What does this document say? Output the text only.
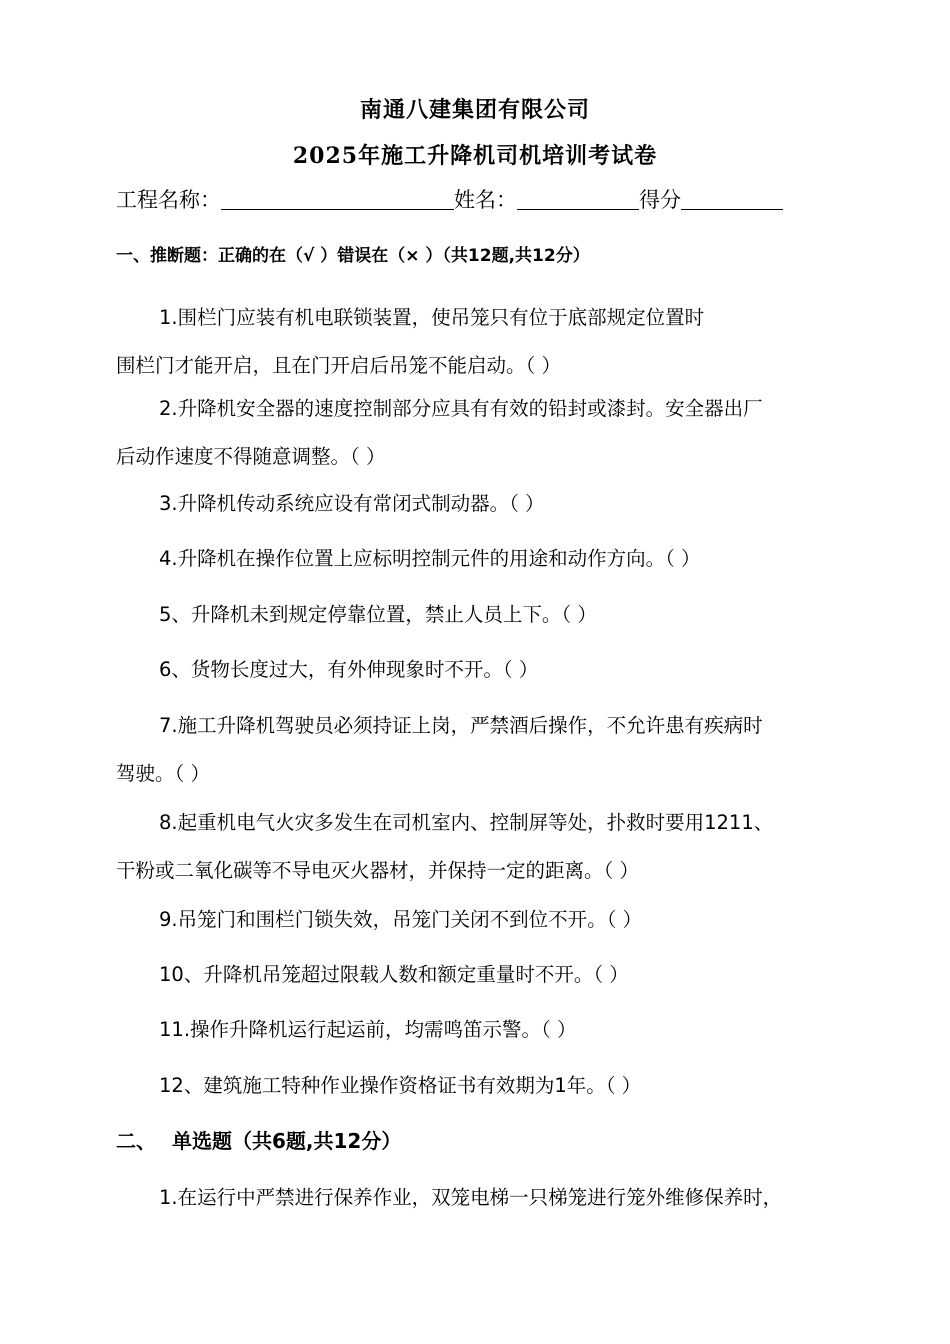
南通八建集团有限公司
2025年施工升降机司机培训考试卷
工程名称：	姓名：	得分
一、推断题：正确的在（√ ）错误在（× ）（共12题,共12分）
1.围栏门应装有机电联锁装置，使吊笼只有位于底部规定位置时
围栏门才能开启，且在门开启后吊笼不能启动。（ ）
2.升降机安全器的速度控制部分应具有有效的铅封或漆封。安全器出厂
后动作速度不得随意调整。（ ）
3.升降机传动系统应设有常闭式制动器。（ ）
4.升降机在操作位置上应标明控制元件的用途和动作方向。（ ）
5、升降机未到规定停靠位置，禁止人员上下。（ ）
6、货物长度过大，有外伸现象时不开。（ ）
7.施工升降机驾驶员必须持证上岗，严禁酒后操作，不允许患有疾病时
驾驶。（ ）
8.起重机电气火灾多发生在司机室内、控制屏等处，扑救时要用1211、
干粉或二氧化碳等不导电灭火器材，并保持一定的距离。（ ）
9.吊笼门和围栏门锁失效，吊笼门关闭不到位不开。（ ）
10、升降机吊笼超过限载人数和额定重量时不开。（ ）
11.操作升降机运行起运前，均需鸣笛示警。（ ）
12、建筑施工特种作业操作资格证书有效期为1年。（ ）
二、 单选题（共6题,共12分）
1.在运行中严禁进行保养作业，双笼电梯一只梯笼进行笼外维修保养时，
